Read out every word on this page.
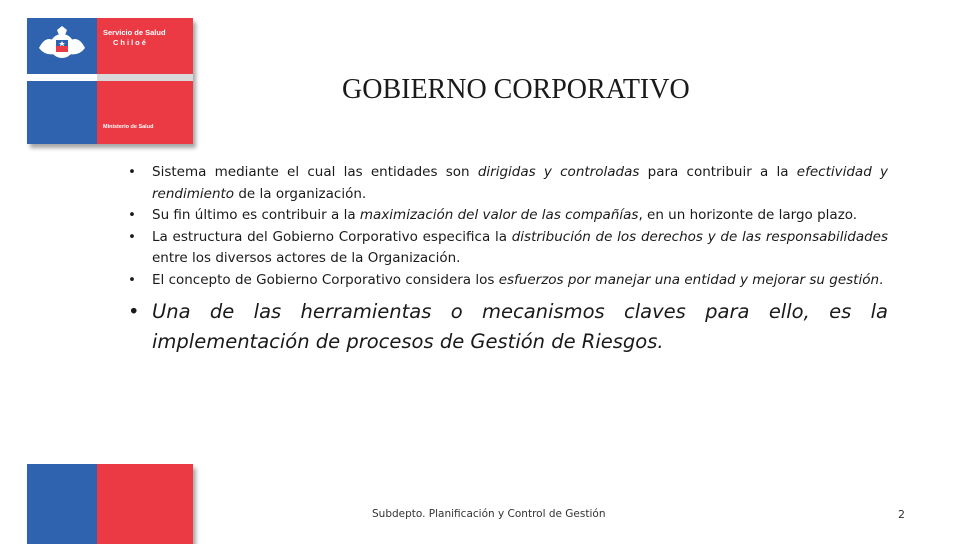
Servicio de Salud
Chiloé
Ministerio de Salud
GOBIERNO CORPORATIVO
• Sistema mediante el cual las entidades son dirigidas y controladas para contribuir a la efectividad y rendimiento de la organización.
• Su fin último es contribuir a la maximización del valor de las compañías, en un horizonte de largo plazo.
• La estructura del Gobierno Corporativo especifica la distribución de los derechos y de las responsabilidades entre los diversos actores de la Organización.
• El concepto de Gobierno Corporativo considera los esfuerzos por manejar una entidad y mejorar su gestión.
• Una de las herramientas o mecanismos claves para ello, es la implementación de procesos de Gestión de Riesgos.
Subdepto. Planificación y Control de Gestión	2
